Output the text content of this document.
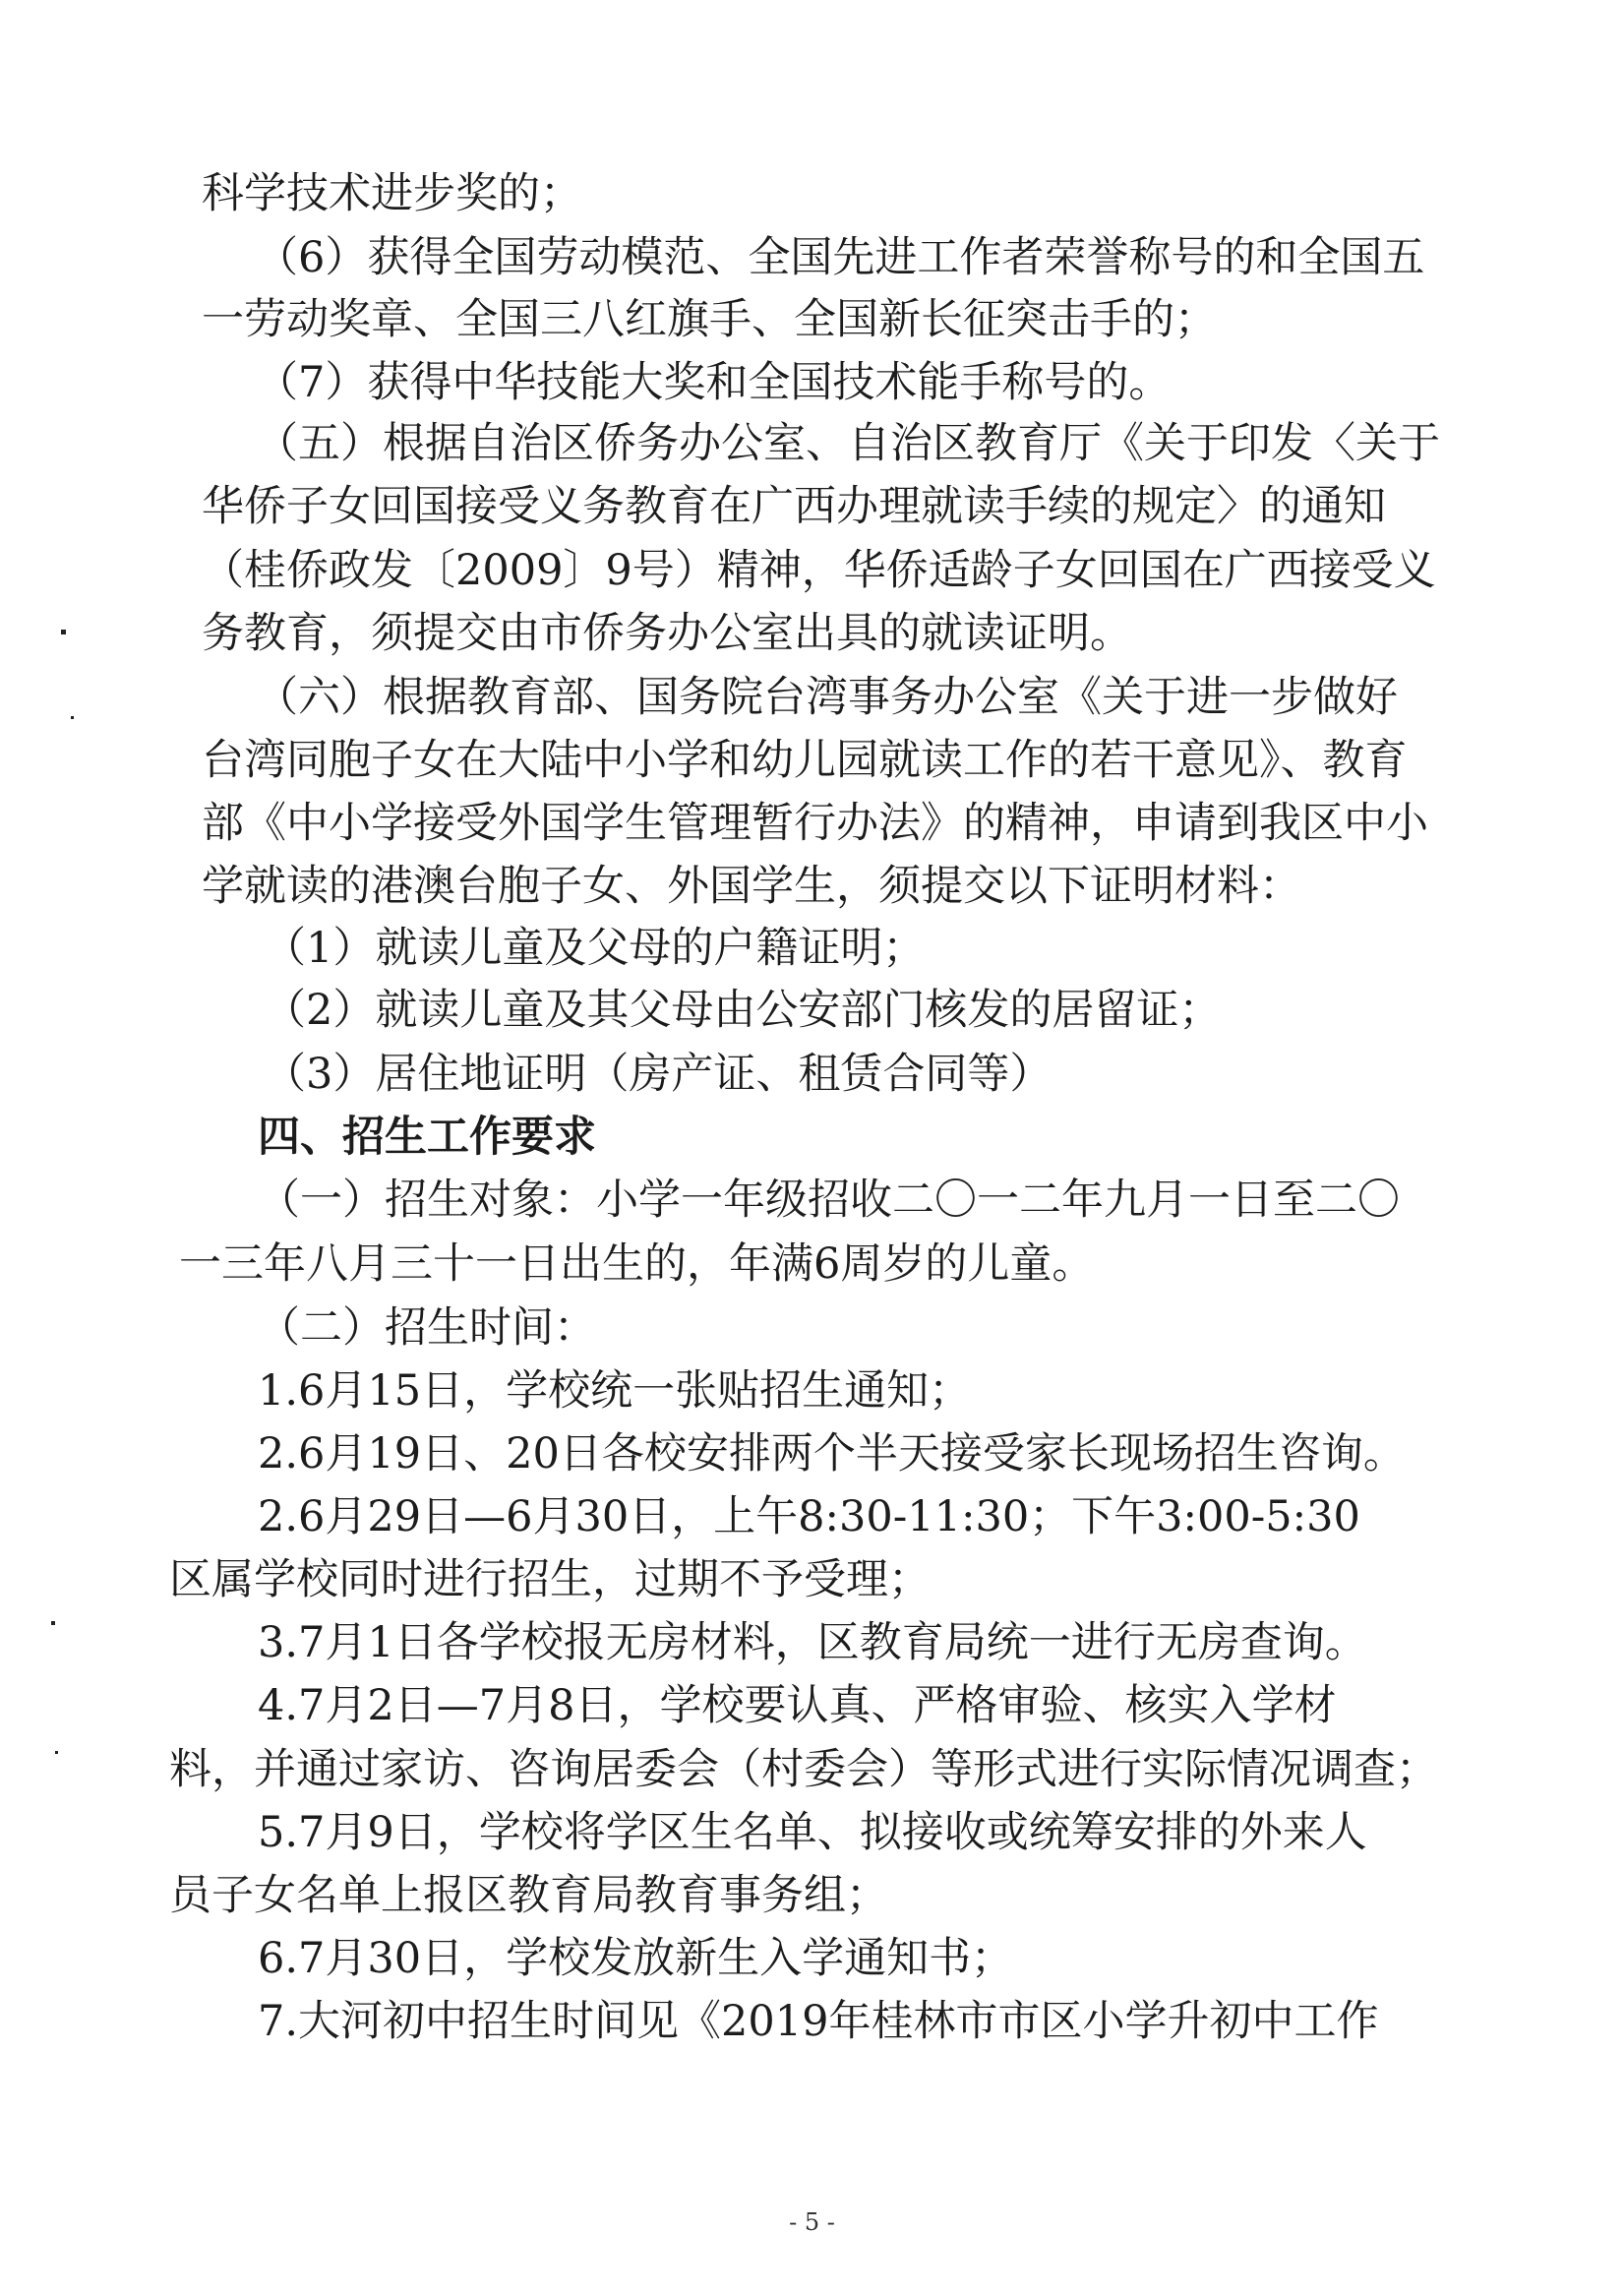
科学技术进步奖的；

（6）获得全国劳动模范、全国先进工作者荣誉称号的和全国五

一劳动奖章、全国三八红旗手、全国新长征突击手的；

（7）获得中华技能大奖和全国技术能手称号的。

（五）根据自治区侨务办公室、自治区教育厅《关于印发〈关于

华侨子女回国接受义务教育在广西办理就读手续的规定〉的通知

（桂侨政发〔2009〕9号）精神，华侨适龄子女回国在广西接受义

务教育，须提交由市侨务办公室出具的就读证明。

（六）根据教育部、国务院台湾事务办公室《关于进一步做好

台湾同胞子女在大陆中小学和幼儿园就读工作的若干意见》、教育

部《中小学接受外国学生管理暂行办法》的精神，申请到我区中小

学就读的港澳台胞子女、外国学生，须提交以下证明材料：

（1）就读儿童及父母的户籍证明；

（2）就读儿童及其父母由公安部门核发的居留证；

（3）居住地证明（房产证、租赁合同等）

四、招生工作要求

（一）招生对象：小学一年级招收二〇一二年九月一日至二〇

一三年八月三十一日出生的，年满6周岁的儿童。

（二）招生时间：

1.6月15日，学校统一张贴招生通知；

2.6月19日、20日各校安排两个半天接受家长现场招生咨询。

2.6月29日—6月30日，上午8:30-11:30；下午3:00-5:30

区属学校同时进行招生，过期不予受理；

3.7月1日各学校报无房材料，区教育局统一进行无房查询。

4.7月2日—7月8日，学校要认真、严格审验、核实入学材

料，并通过家访、咨询居委会（村委会）等形式进行实际情况调查；

5.7月9日，学校将学区生名单、拟接收或统筹安排的外来人

员子女名单上报区教育局教育事务组；

6.7月30日，学校发放新生入学通知书；

7.大河初中招生时间见《2019年桂林市市区小学升初中工作

- 5 -
